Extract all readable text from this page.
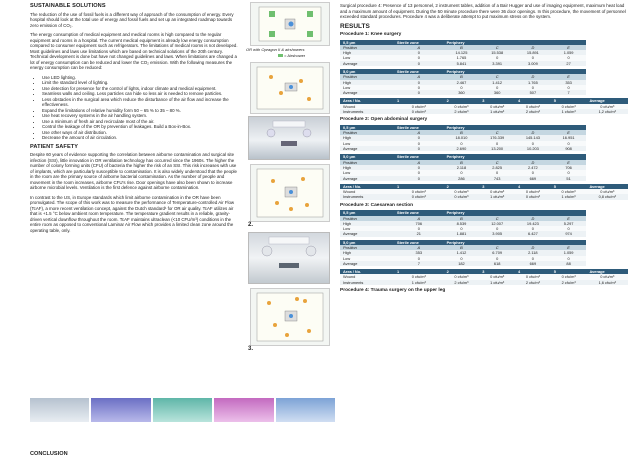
SUSTAINABLE SOLUTIONS

The reduction of the use of fossil fuels is a different way of approach of the consumption of energy. Every hospital should look at the total use of energy and fossil fuels and set up an integrated roadmap towards zero emission of CO₂.

The energy consumption of medical equipment and medical rooms is high compared to the regular equipment and rooms in a hospital. The current medical equipment is already low energy consumption compared to consumer equipment such as refrigerators. The limitations of medical rooms is not developed. Most guidelines and laws use limitations which are based on technical solutions of the 20th century. Technical development is done but have not changed guidelines and laws. When limitations are changed a lot of energy consumption can be reduced and lower the CO₂ emission. With the following measures the energy consumption can be reduced:

• Use LED lighting.
• Limit the standard level of lighting.
• Use detection for presence for the control of lights, indoor climate and medical equipment.
• Seamless walls and ceiling. Less particles can hide so less air is needed to remove particles.
• Less obstacles in the surgical area which reduce the disturbance of the air flow and increase the effectiveness.
• Expand the limitations of relative humidity form 50 – 65 % to 35 – 80 %.
• Use heat recovery systems in the air handling system.
• Use a minimum of fresh air and recirculate most of the air.
• Control the leakage of the OR by prevention of leakages. Build a Box-in-Box.
• Use other ways of air distribution.
• Decrease the amount of air circulation.
PATIENT SAFETY

Despite 60 years of evidence supporting the correlation between airborne contamination and surgical site infection (SSI), little innovation in OR ventilation technology has occurred since the 1960s. The higher the number of colony forming units (CFU) of bacteria the higher the risk of an SSI. This risk increases with use of implants, which are particularly susceptible to contamination. It is also widely understood that the people in the room are the primary source of airborne bacterial contamination. As the number of people and movement in the room increases, airborne CFU's rise. Door openings have also been shown to increase airborne microbial levels. Ventilation is the first defence against airborne contamination.

In contrast to the US, in Europe standards which limit airborne contamination in the OR have been promulgated. The scope of this work was to measure the performance of Temperature-controlled Air Flow (TcAF), a more recent ventilation concept, against the Dutch standard¹ for OR air quality. TcAF utilizes air that is +1.5 °C below ambient room temperature. The temperature gradient results in a reliable, gravity-driven vertical downflow throughout the room. TcAF maintains ultraclean (<10 CFU/m³) conditions in the entire room as opposed to conventional Laminar Air Flow which provides a limited clean zone around the operating table, only.

OR with Opragon II & airshowers
= Airshower
2.
3.

Surgical procedure 4: Presence of 13 personnel, 2 instrument tables, addition of a Bair Hugger and use of imaging equipment, maximum heat load and a maximum amount of equipment. During the 50 minute procedure there were 36 door openings. In this procedure, the movement of personnel exceeded standard procedures. Procedure 4 was a deliberate attempt to put maximum stress on the system.

RESULTS
Procedure 1: Knee surgery
0,5 μm	Sterile zone	Periphery				
Position	A	B	C	D	E	
High	0	14.125	15.538	15.891	1.059	
Low	0	1.765	0	0	0	
Average	0	5.841	3.391	3.009	27	

5,0 μm	Sterile zone	Periphery				
Position	A	B	C	D	E	
High	0	2.467	1.412	1.765	353	
Low	0	0	0	0	0	
Average	0	360	360	507	7	

Area / No.	1	2	3	4	5	Average
Wound	0 cfu/m³	0 cfu/m³	0 cfu/m³	0 cfu/m³	0 cfu/m³	0 cfu/m³
Instruments	0 cfu/m³	2 cfu/m³	1 cfu/m³	2 cfu/m³	1 cfu/m³	1,2 cfu/m³
Procedure 2: Open abdominal surgery
0,5 μm	Sterile zone	Periphery				
Position	A	B	C	D	E	
High	0	18.010	176.339	145.143	16.951	
Low	0	0	0	0	0	
Average	0	2.690	13.200	10.203	908	

5,0 μm	Sterile zone	Periphery				
Position	A	B	C	D	E	
High	0	2.118	2.825	2.472	706	
Low	0	0	0	0	0	
Average	0	286	743	669	51	

Area / No.	1	2	3	4	5	Average
Wound	0 cfu/m³	0 cfu/m³	0 cfu/m³	0 cfu/m³	0 cfu/m³	0 cfu/m³
Instruments	0 cfu/m³	0 cfu/m³	1 cfu/m³	0 cfu/m³	1 cfu/m³	0,8 cfu/m³
Procedure 3: Caesarean section
0,5 μm	Sterile zone	Periphery				
Position	A	B	C	D	E	
High	706	8.539	12.007	19.423	5.297	
Low	0	0	0	0	0	
Average	21	1.881	3.905	6.427	974	

5,0 μm	Sterile zone	Periphery				
Position	A	B	C	D	E	
High	353	1.412	6.709	2.118	1.059	
Low	0	0	0	0	0	
Average	7	182	618	669	88	

Area / No.	1	2	3	4	5	Average
Wound	0 cfu/m³	0 cfu/m³	0 cfu/m³	0 cfu/m³	0 cfu/m³	0 cfu/m³
Instruments	1 cfu/m³	2 cfu/m³	1 cfu/m³	2 cfu/m³	2 cfu/m³	1,6 cfu/m³
Procedure 4: Trauma surgery on the upper leg
CONCLUSION
